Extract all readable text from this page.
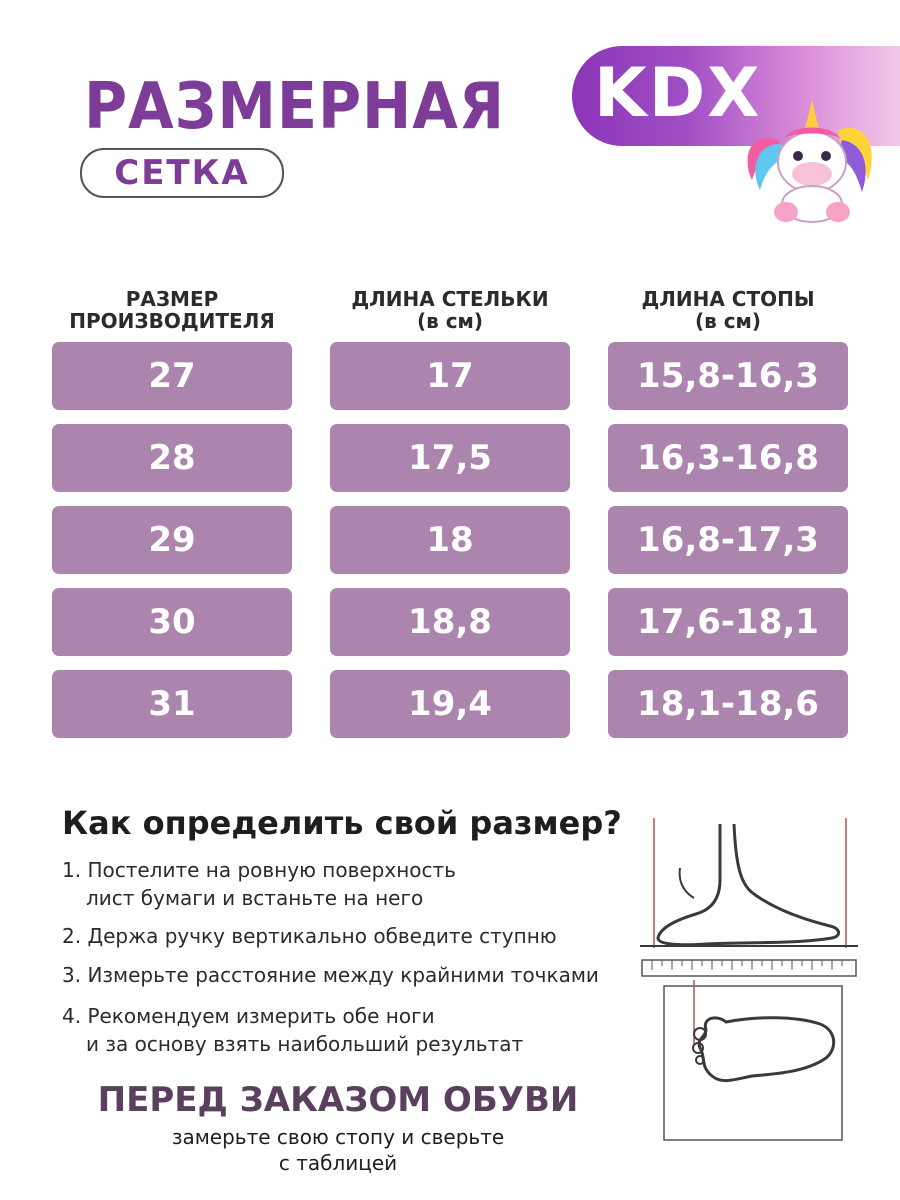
РАЗМЕРНАЯ
СЕТКА
KDX
РАЗМЕР
ПРОИЗВОДИТЕЛЯ
ДЛИНА СТЕЛЬКИ
(в см)
ДЛИНА СТОПЫ
(в см)
27	17	15,8-16,3
28	17,5	16,3-16,8
29	18	16,8-17,3
30	18,8	17,6-18,1
31	19,4	18,1-18,6
Как определить свой размер?
1. Постелите на ровную поверхность
лист бумаги и встаньте на него
2. Держа ручку вертикально обведите ступню
3. Измерьте расстояние между крайними точками
4. Рекомендуем измерить обе ноги
и за основу взять наибольший результат
ПЕРЕД ЗАКАЗОМ ОБУВИ
замерьте свою стопу и сверьте
с таблицей
